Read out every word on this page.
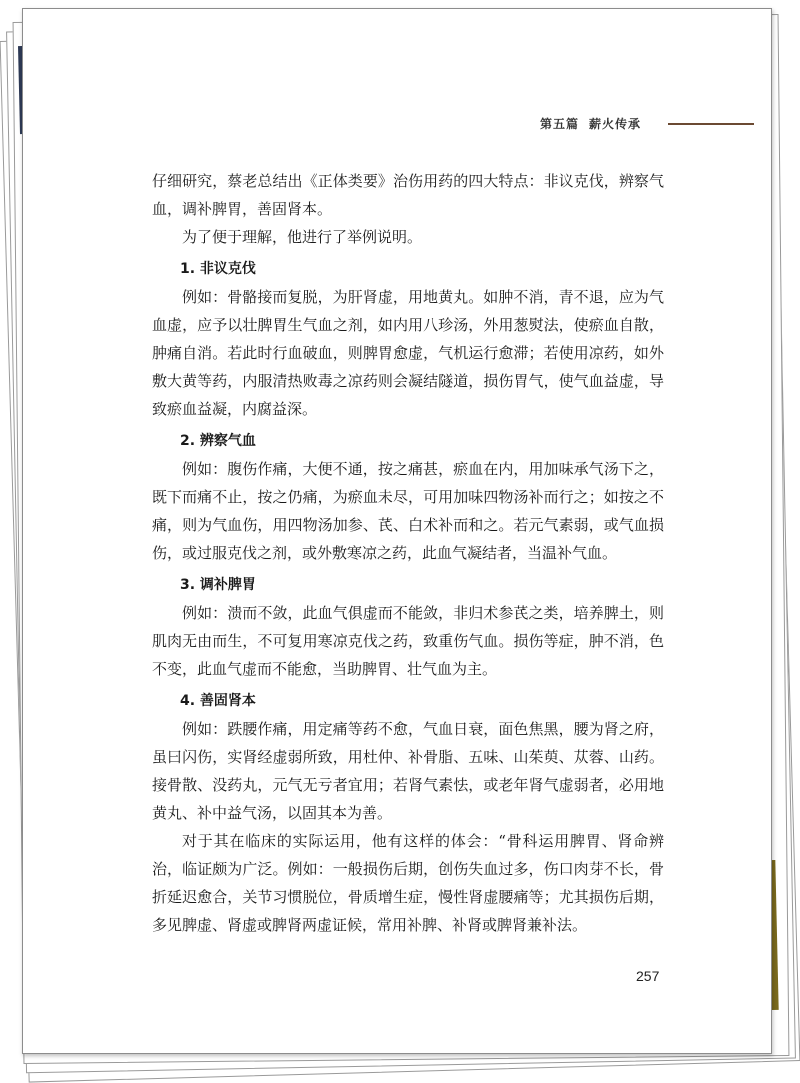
第五篇 薪火传承

仔细研究，蔡老总结出《正体类要》治伤用药的四大特点：非议克伐，辨察气血，调补脾胃，善固肾本。

为了便于理解，他进行了举例说明。

1. 非议克伐

例如：骨骼接而复脱，为肝肾虚，用地黄丸。如肿不消，青不退，应为气血虚，应予以壮脾胃生气血之剂，如内用八珍汤，外用葱熨法，使瘀血自散，肿痛自消。若此时行血破血，则脾胃愈虚，气机运行愈滞；若使用凉药，如外敷大黄等药，内服清热败毒之凉药则会凝结隧道，损伤胃气，使气血益虚，导致瘀血益凝，内腐益深。

2. 辨察气血

例如：腹伤作痛，大便不通，按之痛甚，瘀血在内，用加味承气汤下之，既下而痛不止，按之仍痛，为瘀血未尽，可用加味四物汤补而行之；如按之不痛，则为气血伤，用四物汤加参、芪、白术补而和之。若元气素弱，或气血损伤，或过服克伐之剂，或外敷寒凉之药，此血气凝结者，当温补气血。

3. 调补脾胃

例如：溃而不敛，此血气俱虚而不能敛，非归术参芪之类，培养脾土，则肌肉无由而生，不可复用寒凉克伐之药，致重伤气血。损伤等症，肿不消，色不变，此血气虚而不能愈，当助脾胃、壮气血为主。

4. 善固肾本

例如：跌腰作痛，用定痛等药不愈，气血日衰，面色焦黑，腰为肾之府，虽曰闪伤，实肾经虚弱所致，用杜仲、补骨脂、五味、山茱萸、苁蓉、山药。接骨散、没药丸，元气无亏者宜用；若肾气素怯，或老年肾气虚弱者，必用地黄丸、补中益气汤，以固其本为善。

对于其在临床的实际运用，他有这样的体会：“骨科运用脾胃、肾命辨治，临证颇为广泛。例如：一般损伤后期，创伤失血过多，伤口肉芽不长，骨折延迟愈合，关节习惯脱位，骨质增生症，慢性肾虚腰痛等；尤其损伤后期，多见脾虚、肾虚或脾肾两虚证候，常用补脾、补肾或脾肾兼补法。

257
